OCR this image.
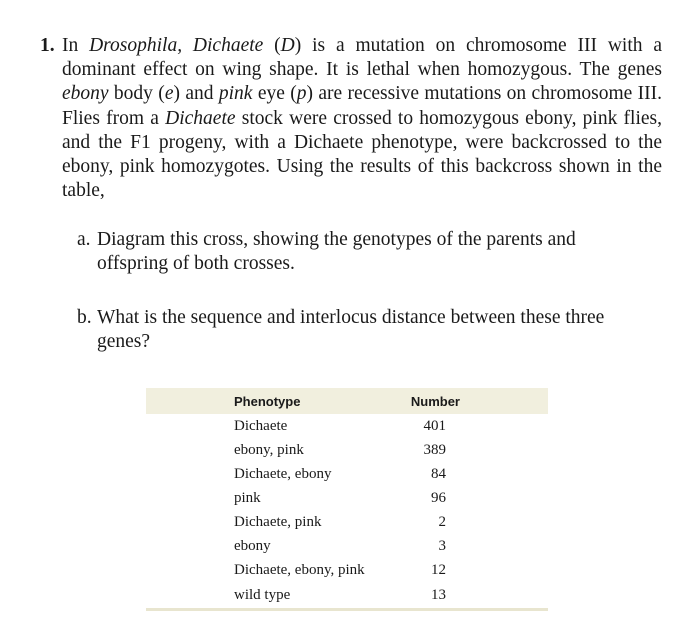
1. In Drosophila, Dichaete (D) is a mutation on chromosome III with a dominant effect on wing shape. It is lethal when homozygous. The genes ebony body (e) and pink eye (p) are recessive mutations on chromosome III. Flies from a Dichaete stock were crossed to homozygous ebony, pink flies, and the F1 progeny, with a Dichaete phenotype, were backcrossed to the ebony, pink homozygotes. Using the results of this backcross shown in the table,
a. Diagram this cross, showing the genotypes of the parents and offspring of both crosses.
b. What is the sequence and interlocus distance between these three genes?
Phenotype	Number
Dichaete	401
ebony, pink	389
Dichaete, ebony	84
pink	96
Dichaete, pink	2
ebony	3
Dichaete, ebony, pink	12
wild type	13
